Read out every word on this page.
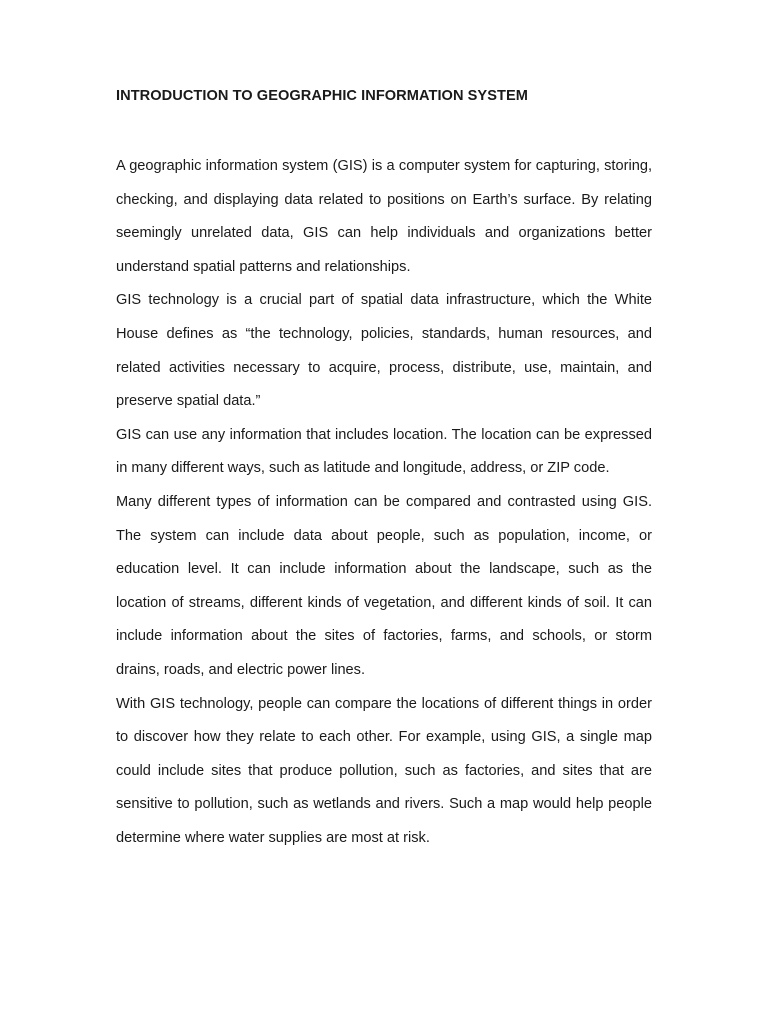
INTRODUCTION TO GEOGRAPHIC INFORMATION SYSTEM

A geographic information system (GIS) is a computer system for capturing, storing, checking, and displaying data related to positions on Earth’s surface. By relating seemingly unrelated data, GIS can help individuals and organizations better understand spatial patterns and relationships.

GIS technology is a crucial part of spatial data infrastructure, which the White House defines as “the technology, policies, standards, human resources, and related activities necessary to acquire, process, distribute, use, maintain, and preserve spatial data.”

GIS can use any information that includes location. The location can be expressed in many different ways, such as latitude and longitude, address, or ZIP code.

Many different types of information can be compared and contrasted using GIS. The system can include data about people, such as population, income, or education level. It can include information about the landscape, such as the location of streams, different kinds of vegetation, and different kinds of soil. It can include information about the sites of factories, farms, and schools, or storm drains, roads, and electric power lines.

With GIS technology, people can compare the locations of different things in order to discover how they relate to each other. For example, using GIS, a single map could include sites that produce pollution, such as factories, and sites that are sensitive to pollution, such as wetlands and rivers. Such a map would help people determine where water supplies are most at risk.
